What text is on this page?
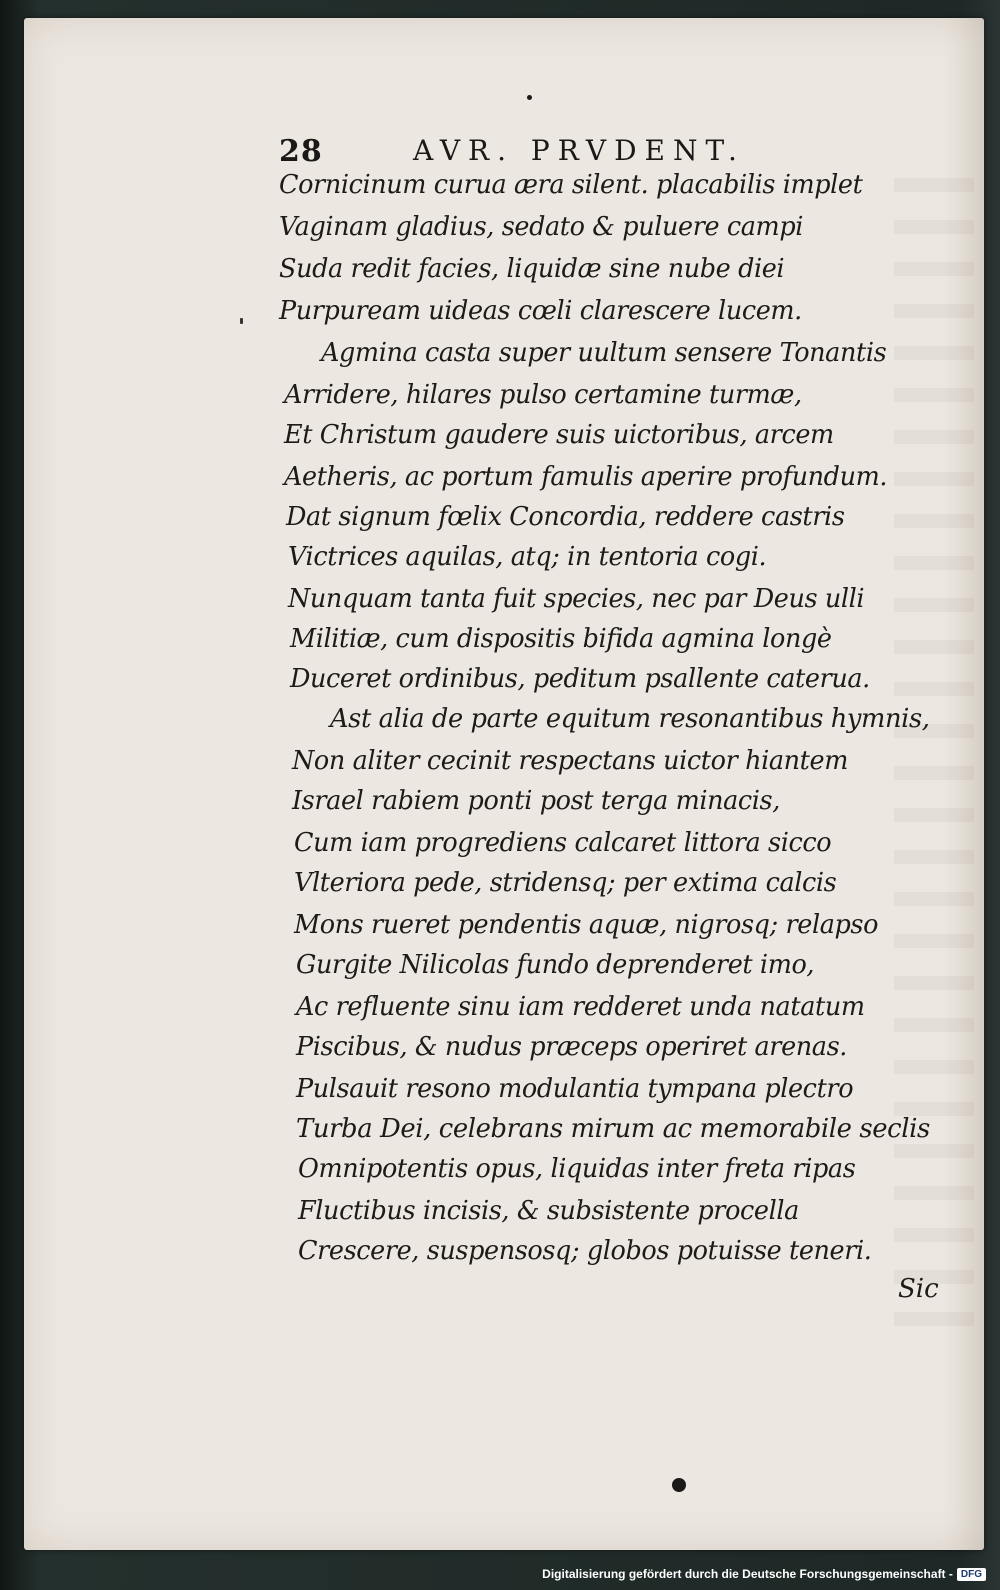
28	AVR. PRVDENT.
Cornicinum curua æra silent. placabilis implet
Vaginam gladius, sedato & puluere campi
Suda redit facies, liquidæ sine nube diei
Purpuream uideas cœli clarescere lucem.
Agmina casta super uultum sensere Tonantis
Arridere, hilares pulso certamine turmæ,
Et Christum gaudere suis uictoribus, arcem
Aetheris, ac portum famulis aperire profundum.
Dat signum fœlix Concordia, reddere castris
Victrices aquilas, atq; in tentoria cogi.
Nunquam tanta fuit species, nec par Deus ulli
Militiæ, cum dispositis bifida agmina longè
Duceret ordinibus, peditum psallente caterua.
Ast alia de parte equitum resonantibus hymnis,
Non aliter cecinit respectans uictor hiantem
Israel rabiem ponti post terga minacis,
Cum iam progrediens calcaret littora sicco
Vlteriora pede, stridensq; per extima calcis
Mons rueret pendentis aquæ, nigrosq; relapso
Gurgite Nilicolas fundo deprenderet imo,
Ac refluente sinu iam redderet unda natatum
Piscibus, & nudus præceps operiret arenas.
Pulsauit resono modulantia tympana plectro
Turba Dei, celebrans mirum ac memorabile seclis
Omnipotentis opus, liquidas inter freta ripas
Fluctibus incisis, & subsistente procella
Crescere, suspensosq; globos potuisse teneri.
Sic
Digitalisierung gefördert durch die Deutsche Forschungsgemeinschaft - DFG
